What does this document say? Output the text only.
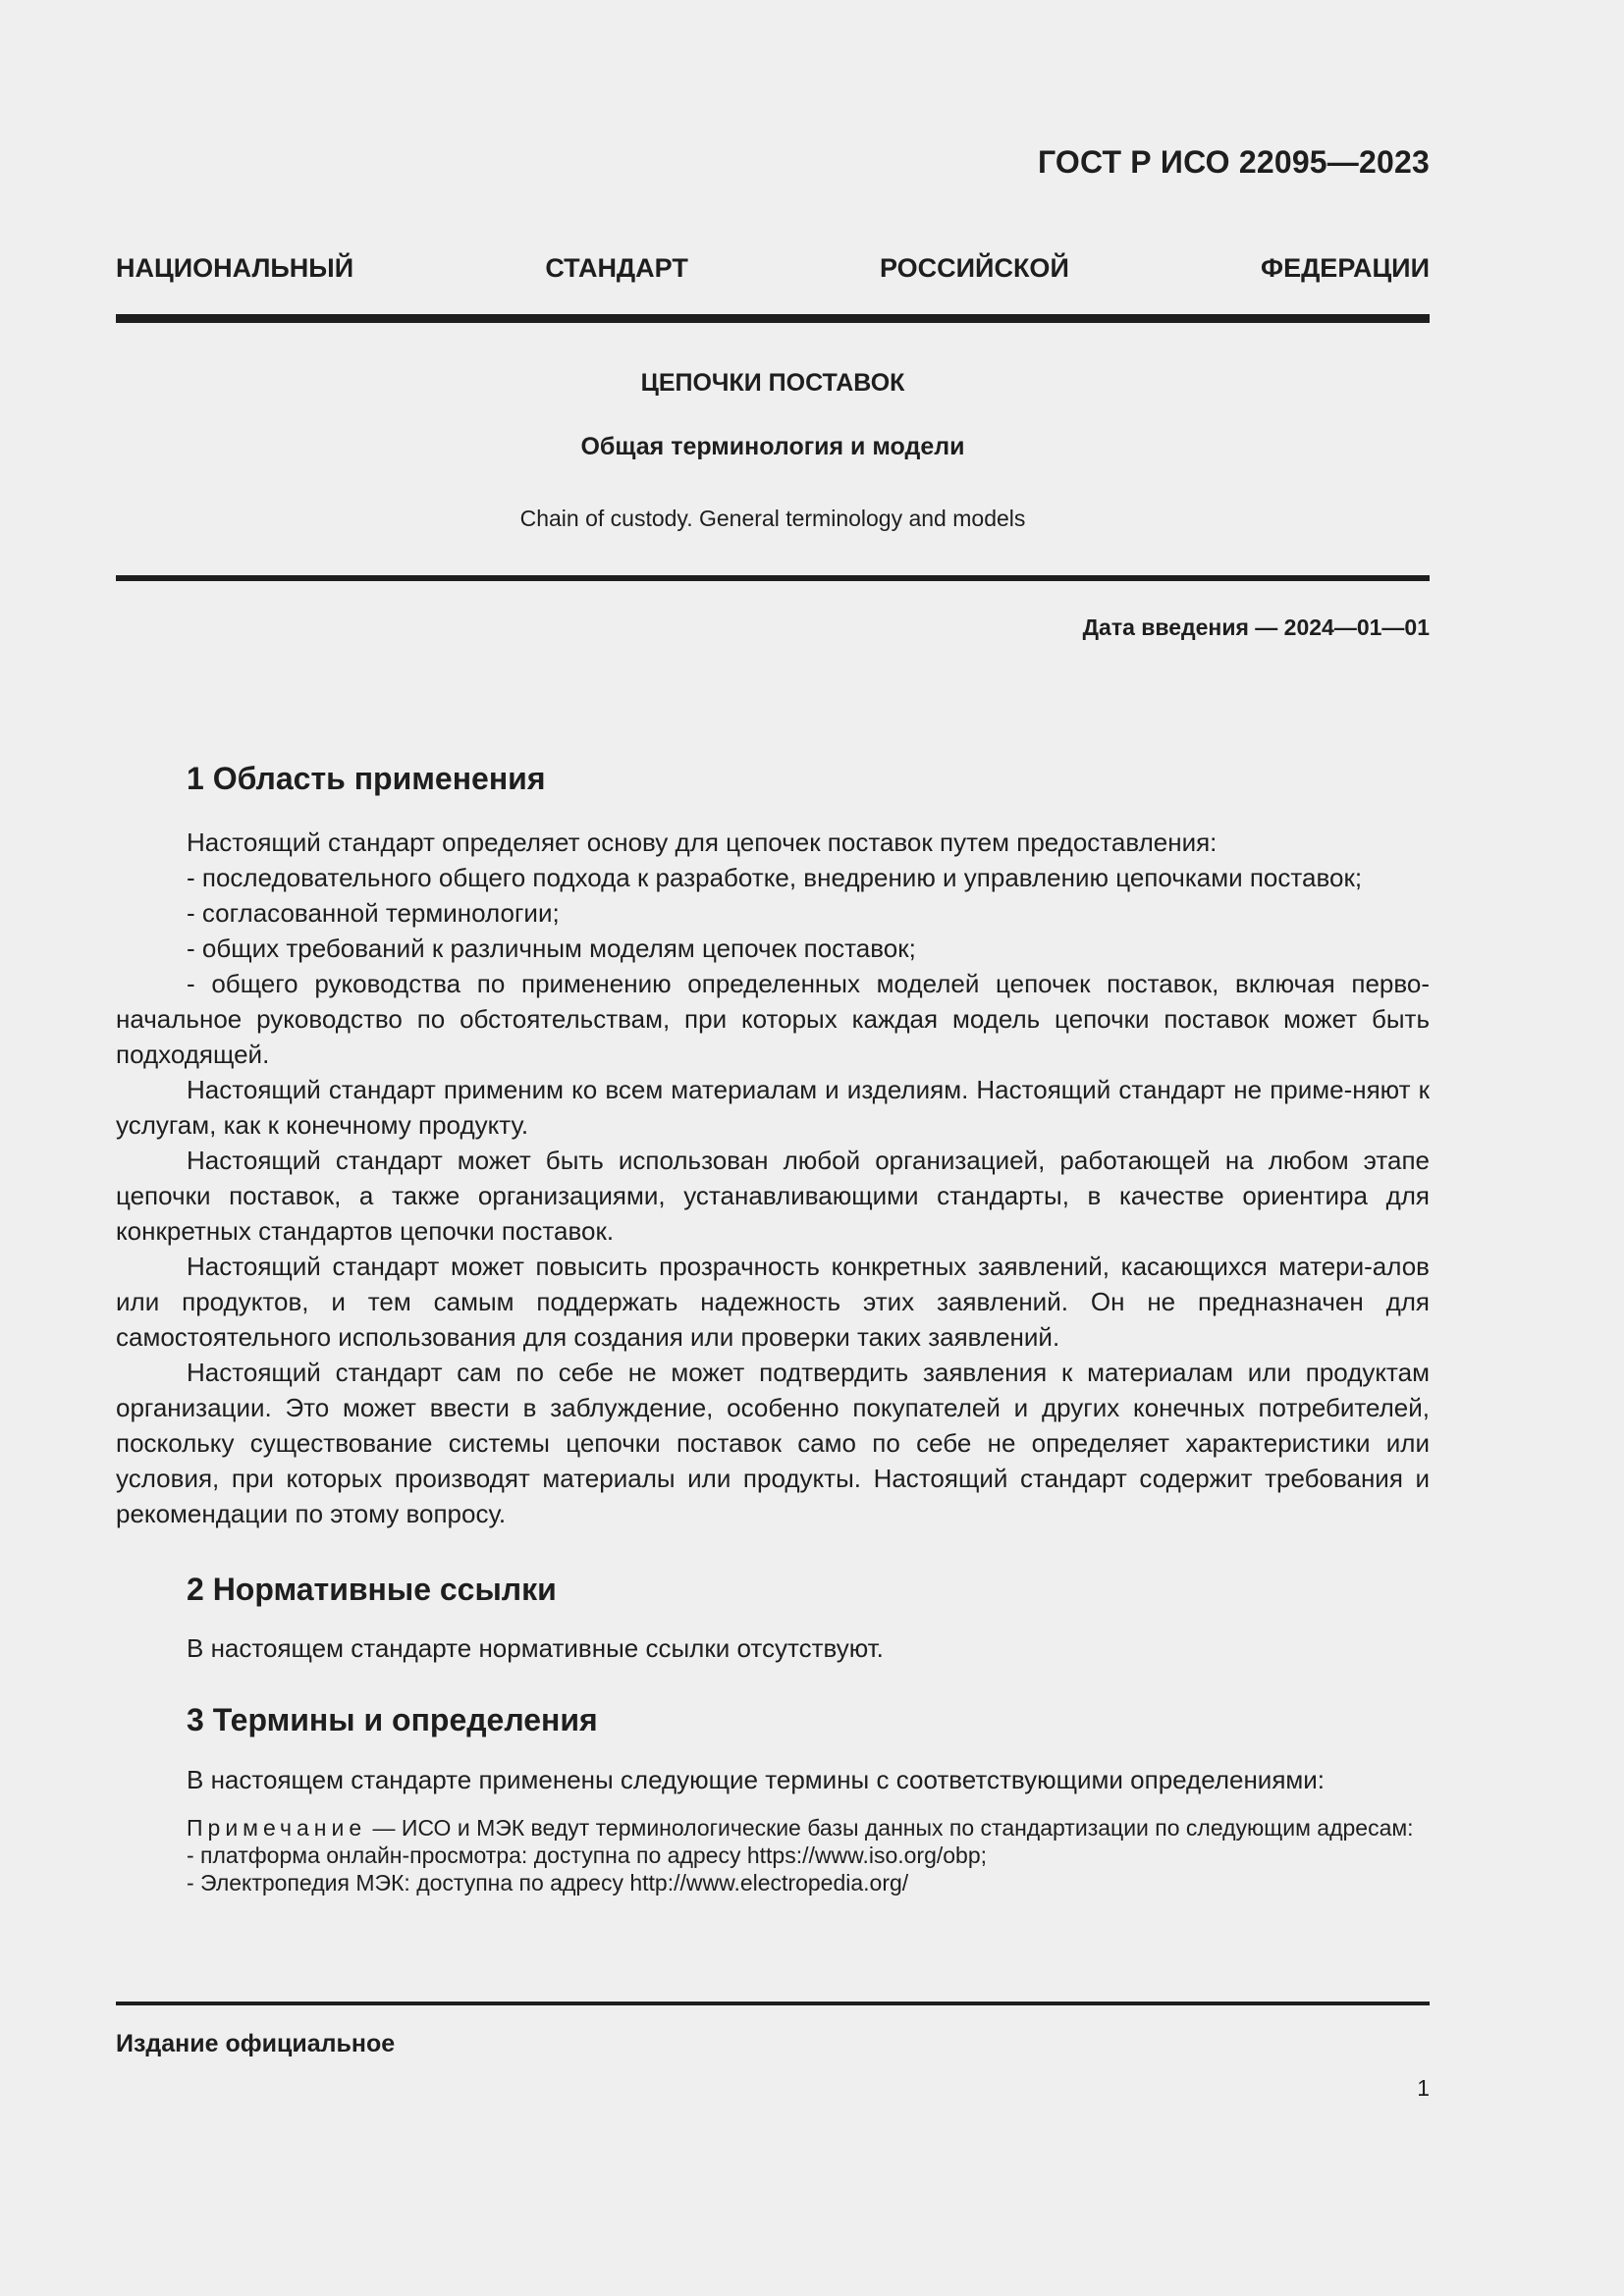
ГОСТ Р ИСО 22095—2023
НАЦИОНАЛЬНЫЙ СТАНДАРТ РОССИЙСКОЙ ФЕДЕРАЦИИ
ЦЕПОЧКИ ПОСТАВОК
Общая терминология и модели
Chain of custody. General terminology and models
Дата введения — 2024—01—01
1 Область применения

Настоящий стандарт определяет основу для цепочек поставок путем предоставления:

- последовательного общего подхода к разработке, внедрению и управлению цепочками поставок;

- согласованной терминологии;

- общих требований к различным моделям цепочек поставок;

- общего руководства по применению определенных моделей цепочек поставок, включая перво-начальное руководство по обстоятельствам, при которых каждая модель цепочки поставок может быть подходящей.

Настоящий стандарт применим ко всем материалам и изделиям. Настоящий стандарт не приме-няют к услугам, как к конечному продукту.

Настоящий стандарт может быть использован любой организацией, работающей на любом этапе цепочки поставок, а также организациями, устанавливающими стандарты, в качестве ориентира для конкретных стандартов цепочки поставок.

Настоящий стандарт может повысить прозрачность конкретных заявлений, касающихся матери-алов или продуктов, и тем самым поддержать надежность этих заявлений. Он не предназначен для самостоятельного использования для создания или проверки таких заявлений.

Настоящий стандарт сам по себе не может подтвердить заявления к материалам или продуктам организации. Это может ввести в заблуждение, особенно покупателей и других конечных потребителей, поскольку существование системы цепочки поставок само по себе не определяет характеристики или условия, при которых производят материалы или продукты. Настоящий стандарт содержит требования и рекомендации по этому вопросу.

2 Нормативные ссылки

В настоящем стандарте нормативные ссылки отсутствуют.

3 Термины и определения

В настоящем стандарте применены следующие термины с соответствующими определениями:

Примечание — ИСО и МЭК ведут терминологические базы данных по стандартизации по следующим адресам:

- платформа онлайн-просмотра: доступна по адресу https://www.iso.org/obp;

- Электропедия МЭК: доступна по адресу http://www.electropedia.org/

Издание официальное
1
